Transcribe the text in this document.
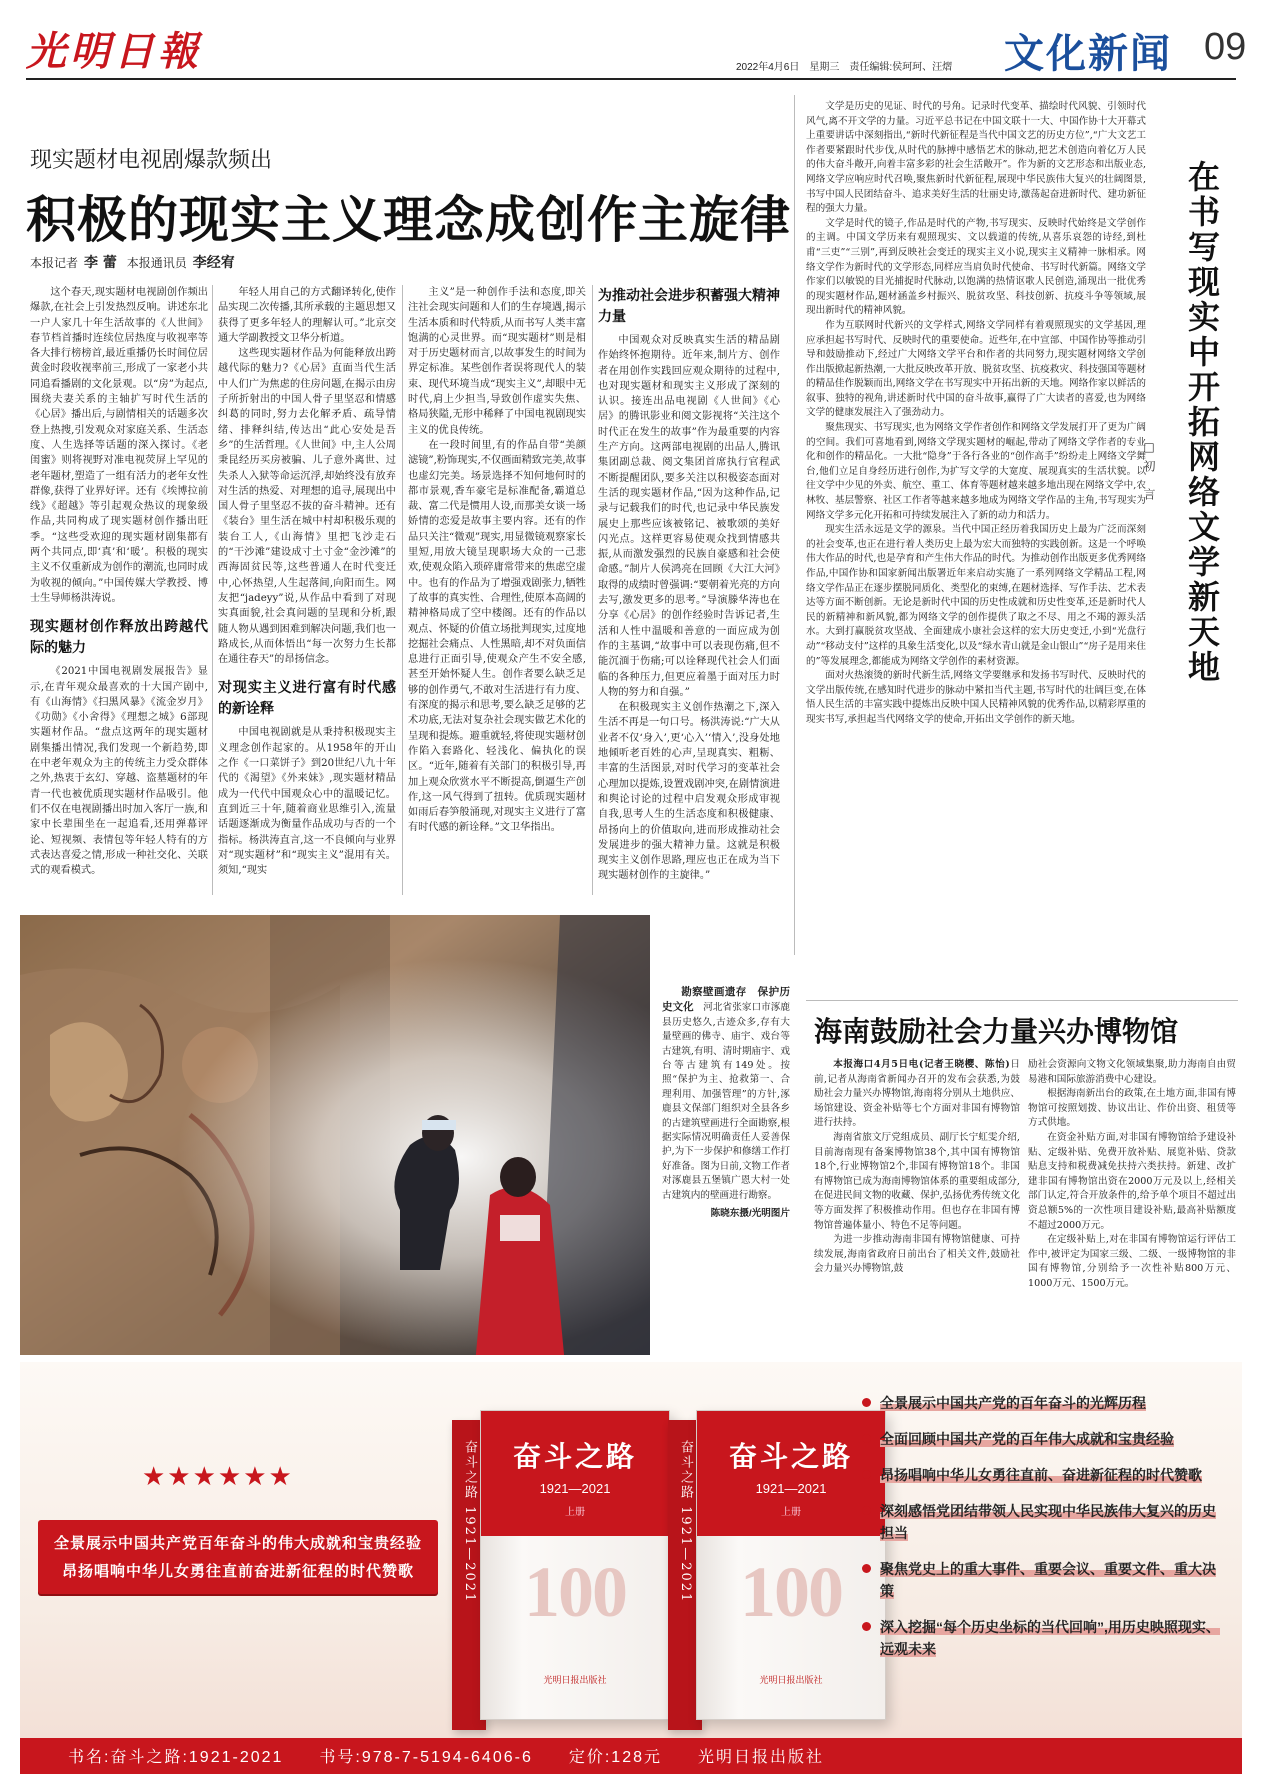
光明日報	2022年4月6日　星期三　责任编辑:侯珂珂、汪熠 文化新闻 09
现实题材电视剧爆款频出
积极的现实主义理念成创作主旋律
本报记者 李 蕾 本报通讯员 李经宥

这个春天,现实题材电视剧创作频出爆款,在社会上引发热烈反响。讲述东北一户人家几十年生活故事的《人世间》春节档首播时连续位居热度与收视率等各大排行榜榜首,最近重播仍长时间位居黄金时段收视率前三,形成了一家老小共同追看播剧的文化景观。以“房”为起点,围绕夫妻关系的主轴扩写时代生活的《心居》播出后,与剧情相关的话题多次登上热搜,引发观众对家庭关系、生活态度、人生选择等话题的深入探讨。《老闺蜜》则将视野对准电视荧屏上罕见的老年题材,塑造了一组有活力的老年女性群像,获得了业界好评。还有《埃博拉前线》《超越》等引起观众热议的现象级作品,共同构成了现实题材创作播出旺季。“这些受欢迎的现实题材剧集都有两个共同点,即‘真’和‘暖’。积极的现实主义不仅重新成为创作的潮流,也同时成为收视的倾向。”中国传媒大学教授、博士生导师杨洪涛说。

现实题材创作释放出跨越代际的魅力

《2021中国电视剧发展报告》显示,在青年观众最喜欢的十大国产剧中,有《山海情》《扫黑风暴》《流金岁月》《功勋》《小舍得》《理想之城》6部现实题材作品。“盘点这两年的现实题材剧集播出情况,我们发现一个新趋势,即在中老年观众为主的传统主力受众群体之外,热衷于玄幻、穿越、盗墓题材的年青一代也被优质现实题材作品吸引。他们不仅在电视剧播出时加入客厅一族,和家中长辈围坐在一起追看,还用弹幕评论、短视频、表情包等年轻人特有的方式表达喜爱之情,形成一种社交化、关联式的观看模式。

年轻人用自己的方式翻译转化,使作品实现二次传播,其所承载的主题思想又获得了更多年轻人的理解认可。”北京交通大学副教授文卫华分析道。

这些现实题材作品为何能释放出跨越代际的魅力?《心居》直面当代生活中人们广为焦虑的住房问题,在揭示由房子所折射出的中国人骨子里坚忍和情感纠葛的同时,努力去化解矛盾、疏导情绪、排释纠结,传达出“此心安处是吾乡”的生活哲理。《人世间》中,主人公周秉昆经历买房被骗、儿子意外离世、过失杀人入狱等命运沉浮,却始终没有放弃对生活的热爱、对理想的追寻,展现出中国人骨子里坚忍不拔的奋斗精神。还有《装台》里生活在城中村却积极乐观的装台工人,《山海情》里把飞沙走石的“干沙滩”建设成寸土寸金“金沙滩”的西海固贫民等,这些普通人在时代变迁中,心怀热望,人生起落间,向阳而生。网友把“jadeyy”说,从作品中看到了对现实真面貌,社会真问题的呈现和分析,跟随人物从遇到困难到解决问题,我们也一路成长,从而体悟出“每一次努力生长都在通往春天”的昂扬信念。

对现实主义进行富有时代感的新诠释

中国电视剧就是从秉持积极现实主义理念创作起家的。从1958年的开山之作《一口菜饼子》到20世纪八九十年代的《渴望》《外来妹》,现实题材精品成为一代代中国观众心中的温暖记忆。直到近三十年,随着商业思维引入,流量话题逐渐成为衡量作品成功与否的一个指标。杨洪涛直言,这一不良倾向与业界对“现实题材”和“现实主义”混用有关。须知,“现实

主义”是一种创作手法和态度,即关注社会现实问题和人们的生存境遇,揭示生活本质和时代特质,从而书写人类丰富饱满的心灵世界。而“现实题材”则是相对于历史题材而言,以故事发生的时间为界定标准。某些创作者误将现代人的装束、现代环境当成“现实主义”,却眼中无时代,肩上少担当,导致创作虚实失焦、格局狭隘,无形中稀释了中国电视剧现实主义的优良传统。

在一段时间里,有的作品自带“美颜滤镜”,粉饰现实,不仅画面精致完美,故事也虚幻完美。场景选择不知何地何时的都市景观,香车豪宅是标准配备,霸道总裁、富二代是惯用人设,而那美女谈一场娇情的恋爱是故事主要内容。还有的作品只关注“微观”现实,用显微镜观察家长里短,用放大镜呈现职场大众的一己悲欢,使观众陷入琐碎庸常带来的焦虑空虚中。也有的作品为了增强戏剧张力,牺牲了故事的真实性、合理性,使原本高阔的精神格局成了空中楼阁。还有的作品以观点、怀疑的价值立场批判现实,过度地挖掘社会痛点、人性黑暗,却不对负面信息进行正面引导,使观众产生不安全感,甚至开始怀疑人生。创作者要么缺乏足够的创作勇气,不敢对生活进行有力度、有深度的揭示和思考,要么缺乏足够的艺术功底,无法对复杂社会现实做艺术化的呈现和提炼。避重就轻,将使现实题材创作陷入套路化、轻浅化、偏执化的误区。“近年,随着有关部门的积极引导,再加上观众欣赏水平不断提高,倒逼生产创作,这一风气得到了扭转。优质现实题材如雨后春笋般涌现,对现实主义进行了富有时代感的新诠释。”文卫华指出。

为推动社会进步积蓄强大精神力量

中国观众对反映真实生活的精品剧作始终怀抱期待。近年来,制片方、创作者在用创作实践回应观众期待的过程中,也对现实题材和现实主义形成了深刻的认识。接连出品电视剧《人世间》《心居》的腾讯影业和阅文影视将“关注这个时代正在发生的故事”作为最重要的内容生产方向。这两部电视剧的出品人,腾讯集团副总裁、阅文集团首席执行官程武不断提醒团队,要多关注以积极姿态面对生活的现实题材作品,“因为这种作品,记录与记载我们的时代,也记录中华民族发展史上那些应该被铭记、被歌颂的美好闪光点。这样更容易使观众找到情感共振,从而激发强烈的民族自豪感和社会使命感。”制片人侯鸿亮在回顾《大江大河》取得的成绩时曾强调:“要朝着光亮的方向去写,激发更多的思考。”导演滕华涛也在分享《心居》的创作经验时告诉记者,生活和人性中温暖和善意的一面应成为创作的主基调,“故事中可以表现伤痛,但不能沉湎于伤痛;可以诠释现代社会人们面临的各种压力,但更应着墨于面对压力时人物的努力和自强。”

在积极现实主义创作热潮之下,深入生活不再是一句口号。杨洪涛说:“广大从业者不仅‘身入’,更‘心入’‘情入’,没身处地地倾听老百姓的心声,呈现真实、粗粝、丰富的生活图景,对时代学习的变革社会心理加以提炼,设置戏剧冲突,在剧情演进和舆论讨论的过程中启发观众形成审视自我,思考人生的生活态度和积极健康、昂扬向上的价值取向,进而形成推动社会发展进步的强大精神力量。这就是积极现实主义创作思路,理应也正在成为当下现实题材创作的主旋律。”

文学是历史的见证、时代的号角。记录时代变革、描绘时代风貌、引领时代风气,离不开文学的力量。习近平总书记在中国文联十一大、中国作协十大开幕式上重要讲话中深刻指出,“新时代新征程是当代中国文艺的历史方位”,“广大文艺工作者要紧跟时代步伐,从时代的脉搏中感悟艺术的脉动,把艺术创造向着亿万人民的伟大奋斗敞开,向着丰富多彩的社会生活敞开”。作为新的文艺形态和出版业态,网络文学应响应时代召唤,聚焦新时代新征程,展现中华民族伟大复兴的壮阔图景,书写中国人民团结奋斗、追求美好生活的壮丽史诗,激荡起奋进新时代、建功新征程的强大力量。

文学是时代的镜子,作品是时代的产物,书写现实、反映时代始终是文学创作的主调。中国文学历来有观照现实、文以载道的传统,从喜乐哀怨的诗经,到杜甫“三吏”“三别”,再到反映社会变迁的现实主义小说,现实主义精神一脉相承。网络文学作为新时代的文学形态,同样应当肩负时代使命、书写时代新篇。网络文学作家们以敏锐的目光捕捉时代脉动,以饱满的热情讴歌人民创造,涌现出一批优秀的现实题材作品,题材涵盖乡村振兴、脱贫攻坚、科技创新、抗疫斗争等领域,展现出新时代的精神风貌。

作为互联网时代新兴的文学样式,网络文学同样有着观照现实的文学基因,理应承担起书写时代、反映时代的重要使命。近些年,在中宣部、中国作协等推动引导和鼓励推动下,经过广大网络文学平台和作者的共同努力,现实题材网络文学创作出版掀起新热潮,一大批反映改革开放、脱贫攻坚、抗疫救灾、科技强国等题材的精品佳作脱颖而出,网络文学在书写现实中开拓出新的天地。网络作家以鲜活的叙事、独特的视角,讲述新时代中国的奋斗故事,赢得了广大读者的喜爱,也为网络文学的健康发展注入了强劲动力。

聚焦现实、书写现实,也为网络文学作者创作和网络文学发展打开了更为广阔的空间。我们可喜地看到,网络文学现实题材的崛起,带动了网络文学作者的专业化和创作的精品化。一大批“隐身”于各行各业的“创作高手”纷纷走上网络文学舞台,他们立足自身经历进行创作,为扩写文学的大宽度、展现真实的生活状貌。以往文学中少见的外卖、航空、重工、体育等题材越来越多地出现在网络文学中,农林牧、基层警察、社区工作者等越来越多地成为网络文学作品的主角,书写现实为网络文学多元化开拓和可持续发展注入了新的动力和活力。

现实生活永远是文学的源泉。当代中国正经历着我国历史上最为广泛而深刻的社会变革,也正在进行着人类历史上最为宏大而独特的实践创新。这是一个呼唤伟大作品的时代,也是孕育和产生伟大作品的时代。为推动创作出版更多优秀网络作品,中国作协和国家新闻出版署近年来启动实施了一系列网络文学精品工程,网络文学作品正在逐步摆脱同质化、类型化的束缚,在题材选择、写作手法、艺术表达等方面不断创新。无论是新时代中国的历史性成就和历史性变革,还是新时代人民的新精神和新风貌,都为网络文学的创作提供了取之不尽、用之不竭的源头活水。大到打赢脱贫攻坚战、全面建成小康社会这样的宏大历史变迁,小到“光盘行动”“移动支付”这样的具象生活变化,以及“绿水青山就是金山银山”“房子是用来住的”等发展理念,都能成为网络文学创作的素材资源。

面对火热滚烫的新时代新生活,网络文学要继承和发扬书写时代、反映时代的文学出版传统,在感知时代进步的脉动中紧扣当代主题,书写时代的壮阔巨变,在体悟人民生活的丰富实践中提炼出反映中国人民精神风貌的优秀作品,以精彩厚重的现实书写,承担起当代网络文学的使命,开拓出文学创作的新天地。

在书写现实中开拓网络文学新天地
□初 言

勘察壁画遗存　保护历史文化　 河北省张家口市涿鹿县历史悠久,古迹众多,存有大量壁画的佛寺、庙宇、戏台等古建筑,有明、清时期庙宇、戏台等古建筑有149处。按照“保护为主、抢救第一、合理利用、加强管理”的方针,涿鹿县文保部门组织对全县各乡的古建筑壁画进行全面勘察,根据实际情况明确责任人妥善保护,为下一步保护和修缮工作打好准备。图为日前,文物工作者对涿鹿县五堡镇广恩大村一处古建筑内的壁画进行勘察。

陈晓东摄/光明图片
海南鼓励社会力量兴办博物馆

本报海口4月5日电(记者王晓樱、陈怡)日前,记者从海南省新闻办召开的发布会获悉,为鼓励社会力量兴办博物馆,海南将分别从土地供应、场馆建设、资金补贴等七个方面对非国有博物馆进行扶持。

海南省旅文厅党组成员、副厅长宁虹雯介绍,目前海南现有备案博物馆38个,其中国有博物馆18个,行业博物馆2个,非国有博物馆18个。非国有博物馆已成为海南博物馆体系的重要组成部分,在促进民间文物的收藏、保护,弘扬优秀传统文化等方面发挥了积极推动作用。但也存在非国有博物馆普遍体量小、特色不足等问题。

为进一步推动海南非国有博物馆健康、可持续发展,海南省政府日前出台了相关文件,鼓励社会力量兴办博物馆,鼓

励社会资源向文物文化领域集聚,助力海南自由贸易港和国际旅游消费中心建设。

根据海南新出台的政策,在土地方面,非国有博物馆可按照划拨、协议出让、作价出资、租赁等方式供地。

在资金补贴方面,对非国有博物馆给予建设补贴、定级补贴、免费开放补贴、展览补贴、贷款贴息支持和税费减免扶持六类扶持。新建、改扩建非国有博物馆出资在2000万元及以上,经相关部门认定,符合开放条件的,给予单个项目不超过出资总额5%的一次性项目建设补贴,最高补贴额度不超过2000万元。

在定级补贴上,对在非国有博物馆运行评估工作中,被评定为国家三级、二级、一级博物馆的非国有博物馆,分别给予一次性补贴800万元、1000万元、1500万元。

★★★★★★
全景展示中国共产党百年奋斗的伟大成就和宝贵经验
昂扬唱响中华儿女勇往直前奋进新征程的时代赞歌	奋斗之路 1921—2021	奋斗之路
1921—2021
上册
100
光明日报出版社
奋斗之路 1921—2021	奋斗之路
1921—2021
上册
100
光明日报出版社
全景展示中国共产党的百年奋斗的光辉历程
全面回顾中国共产党的百年伟大成就和宝贵经验
昂扬唱响中华儿女勇往直前、奋进新征程的时代赞歌
深刻感悟党团结带领人民实现中华民族伟大复兴的历史担当
聚焦党史上的重大事件、重要会议、重要文件、重大决策
深入挖掘“每个历史坐标的当代回响”,用历史映照现实、远观未来
书名:奋斗之路:1921-2021　　书号:978-7-5194-6406-6　　定价:128元　　光明日报出版社
